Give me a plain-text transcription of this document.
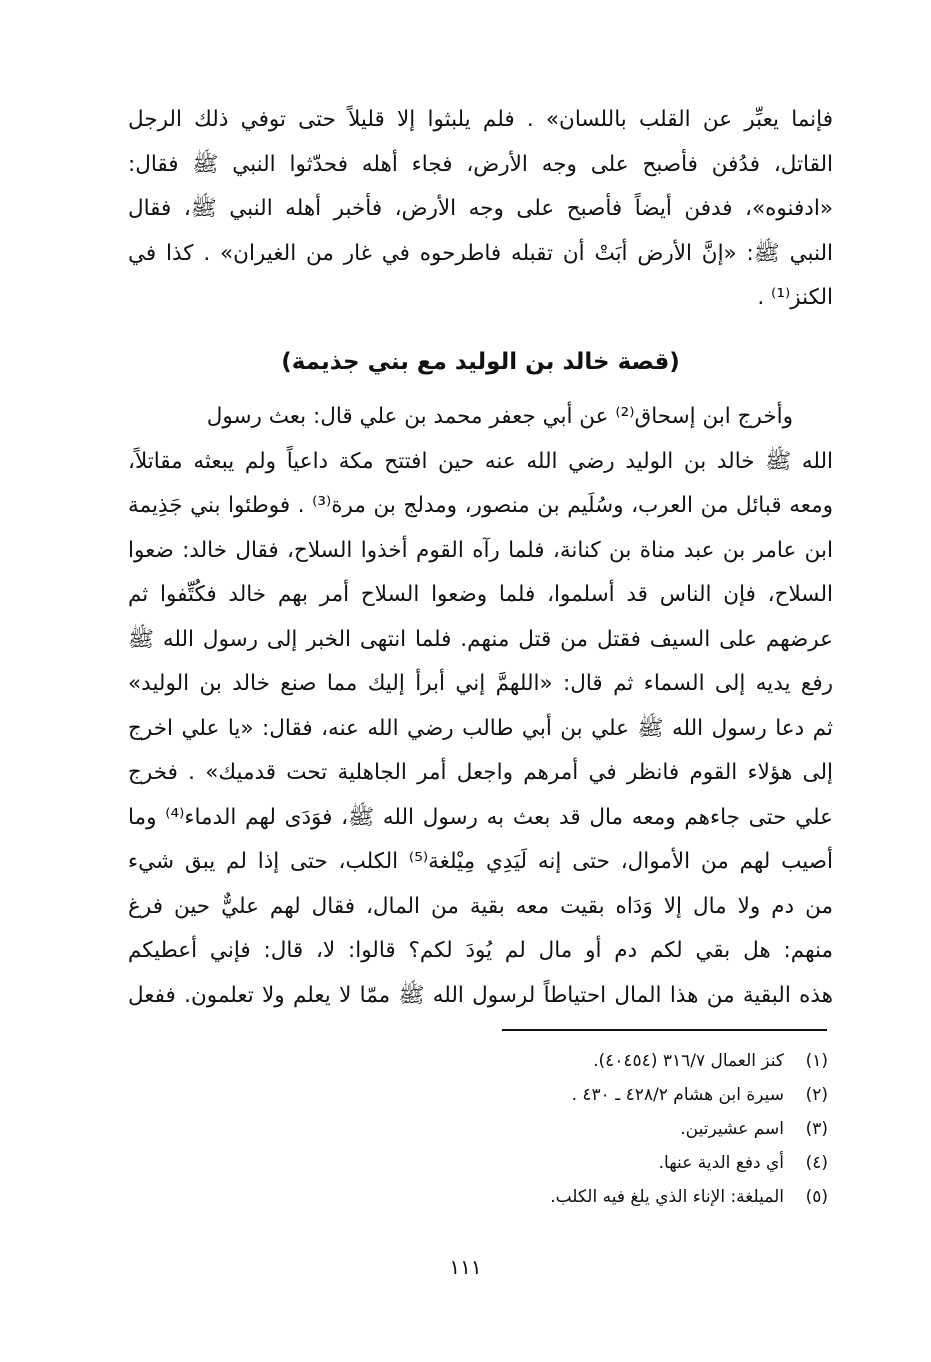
فإنما يعبِّر عن القلب باللسان» . فلم يلبثوا إلا قليلاً حتى توفي ذلك الرجل
القاتل، فدُفن فأصبح على وجه الأرض، فجاء أهله فحدّثوا النبي ﷺ فقال:
«ادفنوه»، فدفن أيضاً فأصبح على وجه الأرض، فأخبر أهله النبي ﷺ، فقال
النبي ﷺ: «إنَّ الأرض أبَتْ أن تقبله فاطرحوه في غار من الغيران» . كذا في
الكنز⁽¹⁾ .
(قصة خالد بن الوليد مع بني جذيمة)
وأخرج ابن إسحاق⁽²⁾ عن أبي جعفر محمد بن علي قال: بعث رسول
الله ﷺ خالد بن الوليد رضي الله عنه حين افتتح مكة داعياً ولم يبعثه مقاتلاً،
ومعه قبائل من العرب، وسُلَيم بن منصور، ومدلج بن مرة⁽³⁾ . فوطئوا بني جَذِيمة
ابن عامر بن عبد مناة بن كنانة، فلما رآه القوم أخذوا السلاح، فقال خالد: ضعوا
السلاح، فإن الناس قد أسلموا، فلما وضعوا السلاح أمر بهم خالد فكُتِّفوا ثم
عرضهم على السيف فقتل من قتل منهم. فلما انتهى الخبر إلى رسول الله ﷺ
رفع يديه إلى السماء ثم قال: «اللهمَّ إني أبرأ إليك مما صنع خالد بن الوليد»
ثم دعا رسول الله ﷺ علي بن أبي طالب رضي الله عنه، فقال: «يا علي اخرج
إلى هؤلاء القوم فانظر في أمرهم واجعل أمر الجاهلية تحت قدميك» . فخرج
علي حتى جاءهم ومعه مال قد بعث به رسول الله ﷺ، فوَدَى لهم الدماء⁽⁴⁾ وما
أصيب لهم من الأموال، حتى إنه لَيَدِي مِيْلغة⁽⁵⁾ الكلب، حتى إذا لم يبق شيء
من دم ولا مال إلا وَدَاه بقيت معه بقية من المال، فقال لهم عليٌّ حين فرغ
منهم: هل بقي لكم دم أو مال لم يُودَ لكم؟ قالوا: لا، قال: فإني أعطيكم
هذه البقية من هذا المال احتياطاً لرسول الله ﷺ ممّا لا يعلم ولا تعلمون. ففعل
(١)
كنز العمال ٣١٦/٧ (٤٠٤٥٤).
(٢)
سيرة ابن هشام ٤٢٨/٢ ـ ٤٣٠ .
(٣)
اسم عشيرتين.
(٤)
أي دفع الدية عنها.
(٥)
الميلغة: الإناء الذي يلغ فيه الكلب.
١١١
